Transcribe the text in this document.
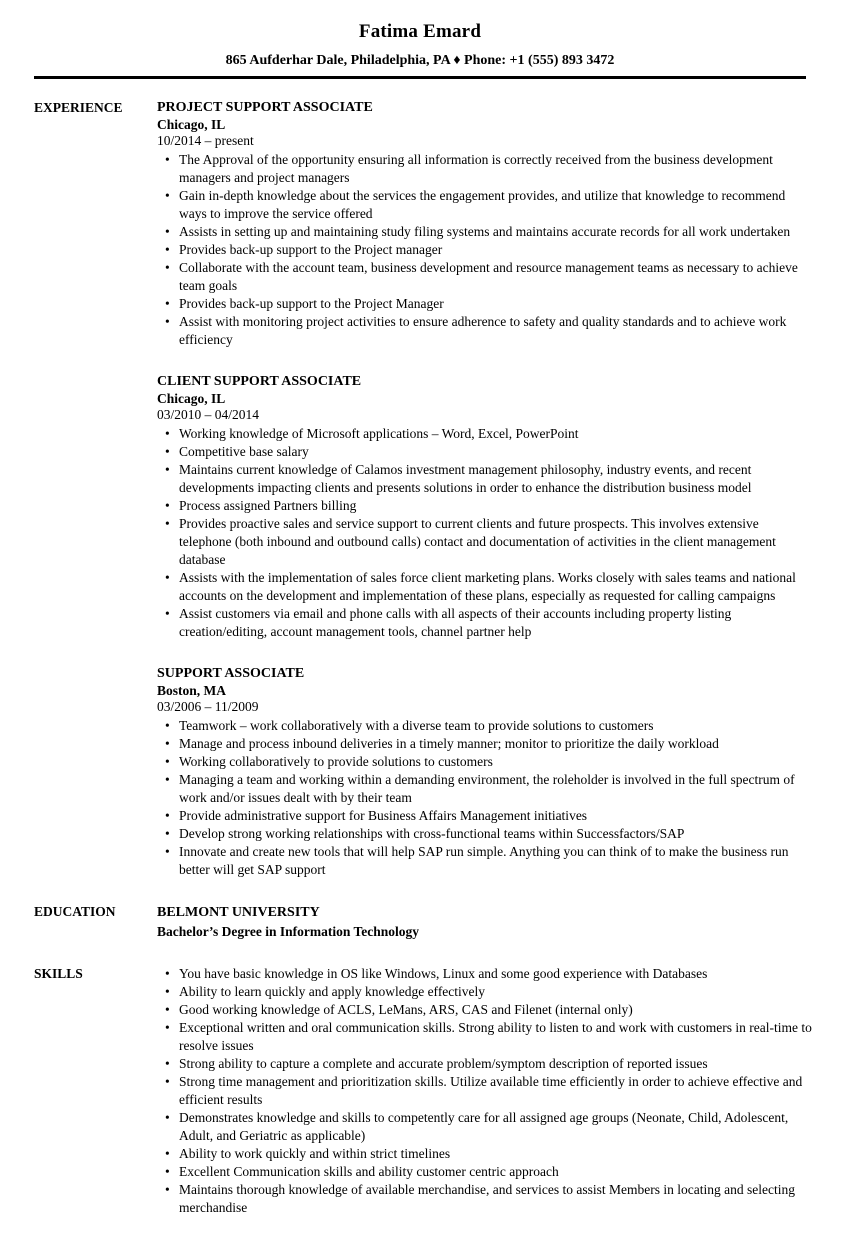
Fatima Emard
865 Aufderhar Dale, Philadelphia, PA ♦ Phone: +1 (555) 893 3472
EXPERIENCE	PROJECT SUPPORT ASSOCIATE
Chicago, IL
10/2014 – present
• The Approval of the opportunity ensuring all information is correctly received from the business development managers and project managers
• Gain in-depth knowledge about the services the engagement provides, and utilize that knowledge to recommend ways to improve the service offered
• Assists in setting up and maintaining study filing systems and maintains accurate records for all work undertaken
• Provides back-up support to the Project manager
• Collaborate with the account team, business development and resource management teams as necessary to achieve team goals
• Provides back-up support to the Project Manager
• Assist with monitoring project activities to ensure adherence to safety and quality standards and to achieve work efficiency
CLIENT SUPPORT ASSOCIATE
Chicago, IL
03/2010 – 04/2014
• Working knowledge of Microsoft applications – Word, Excel, PowerPoint
• Competitive base salary
• Maintains current knowledge of Calamos investment management philosophy, industry events, and recent developments impacting clients and presents solutions in order to enhance the distribution business model
• Process assigned Partners billing
• Provides proactive sales and service support to current clients and future prospects. This involves extensive telephone (both inbound and outbound calls) contact and documentation of activities in the client management database
• Assists with the implementation of sales force client marketing plans. Works closely with sales teams and national accounts on the development and implementation of these plans, especially as requested for calling campaigns
• Assist customers via email and phone calls with all aspects of their accounts including property listing creation/editing, account management tools, channel partner help
SUPPORT ASSOCIATE
Boston, MA
03/2006 – 11/2009
• Teamwork – work collaboratively with a diverse team to provide solutions to customers
• Manage and process inbound deliveries in a timely manner; monitor to prioritize the daily workload
• Working collaboratively to provide solutions to customers
• Managing a team and working within a demanding environment, the roleholder is involved in the full spectrum of work and/or issues dealt with by their team
• Provide administrative support for Business Affairs Management initiatives
• Develop strong working relationships with cross-functional teams within Successfactors/SAP
• Innovate and create new tools that will help SAP run simple. Anything you can think of to make the business run better will get SAP support
EDUCATION	BELMONT UNIVERSITY
Bachelor’s Degree in Information Technology
SKILLS	• You have basic knowledge in OS like Windows, Linux and some good experience with Databases
• Ability to learn quickly and apply knowledge effectively
• Good working knowledge of ACLS, LeMans, ARS, CAS and Filenet (internal only)
• Exceptional written and oral communication skills. Strong ability to listen to and work with customers in real-time to resolve issues
• Strong ability to capture a complete and accurate problem/symptom description of reported issues
• Strong time management and prioritization skills. Utilize available time efficiently in order to achieve effective and efficient results
• Demonstrates knowledge and skills to competently care for all assigned age groups (Neonate, Child, Adolescent, Adult, and Geriatric as applicable)
• Ability to work quickly and within strict timelines
• Excellent Communication skills and ability customer centric approach
• Maintains thorough knowledge of available merchandise, and services to assist Members in locating and selecting merchandise
